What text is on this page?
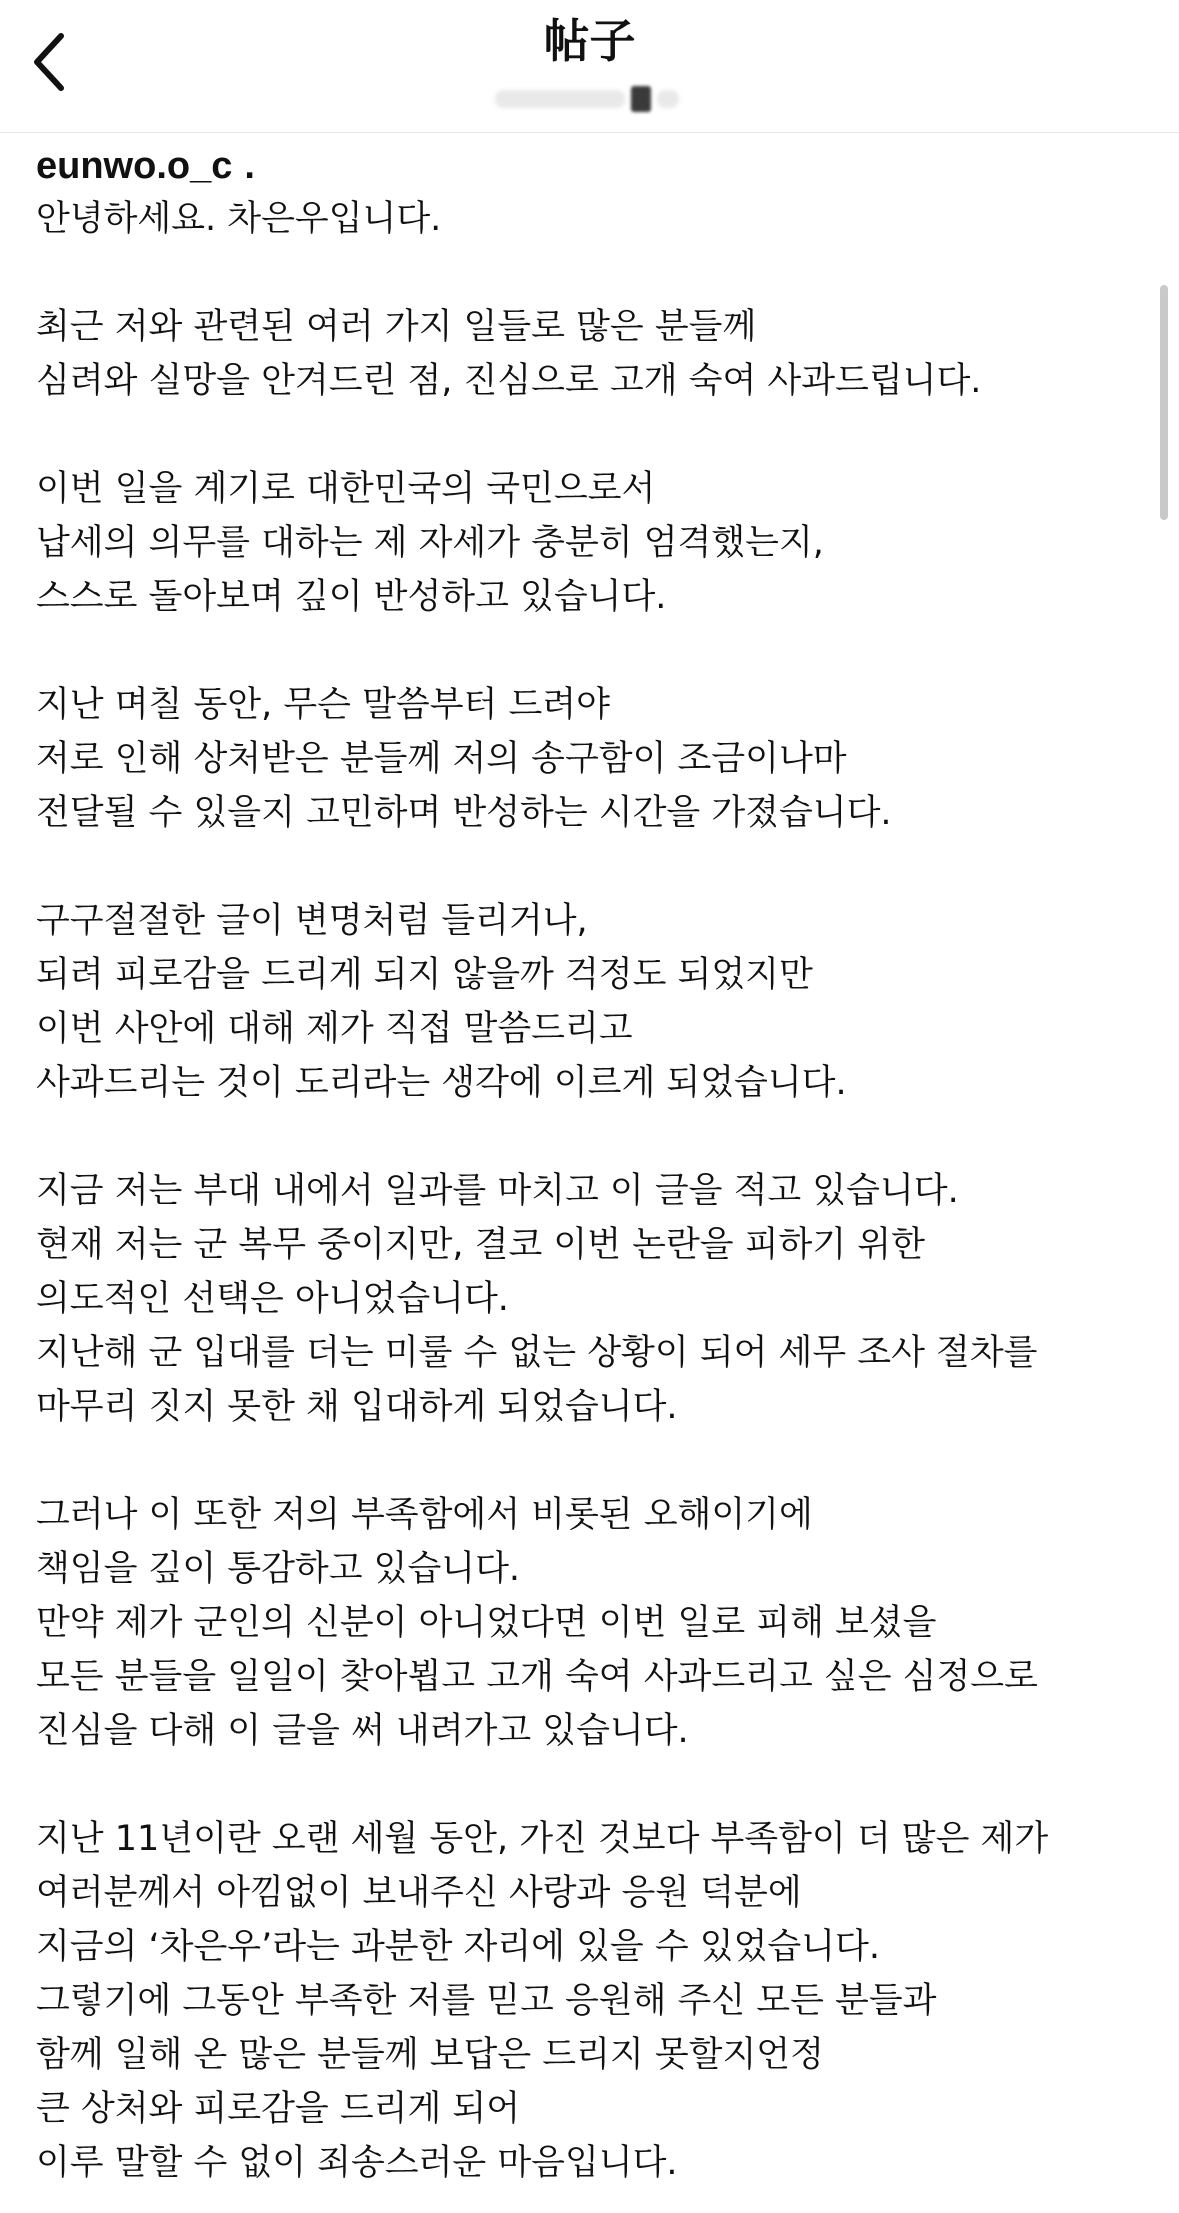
帖子
eunwo.o_c .
안녕하세요. 차은우입니다.
최근 저와 관련된 여러 가지 일들로 많은 분들께
심려와 실망을 안겨드린 점, 진심으로 고개 숙여 사과드립니다.
이번 일을 계기로 대한민국의 국민으로서
납세의 의무를 대하는 제 자세가 충분히 엄격했는지,
스스로 돌아보며 깊이 반성하고 있습니다.
지난 며칠 동안, 무슨 말씀부터 드려야
저로 인해 상처받은 분들께 저의 송구함이 조금이나마
전달될 수 있을지 고민하며 반성하는 시간을 가졌습니다.
구구절절한 글이 변명처럼 들리거나,
되려 피로감을 드리게 되지 않을까 걱정도 되었지만
이번 사안에 대해 제가 직접 말씀드리고
사과드리는 것이 도리라는 생각에 이르게 되었습니다.
지금 저는 부대 내에서 일과를 마치고 이 글을 적고 있습니다.
현재 저는 군 복무 중이지만, 결코 이번 논란을 피하기 위한
의도적인 선택은 아니었습니다.
지난해 군 입대를 더는 미룰 수 없는 상황이 되어 세무 조사 절차를
마무리 짓지 못한 채 입대하게 되었습니다.
그러나 이 또한 저의 부족함에서 비롯된 오해이기에
책임을 깊이 통감하고 있습니다.
만약 제가 군인의 신분이 아니었다면 이번 일로 피해 보셨을
모든 분들을 일일이 찾아뵙고 고개 숙여 사과드리고 싶은 심정으로
진심을 다해 이 글을 써 내려가고 있습니다.
지난 11년이란 오랜 세월 동안, 가진 것보다 부족함이 더 많은 제가
여러분께서 아낌없이 보내주신 사랑과 응원 덕분에
지금의 ‘차은우’라는 과분한 자리에 있을 수 있었습니다.
그렇기에 그동안 부족한 저를 믿고 응원해 주신 모든 분들과
함께 일해 온 많은 분들께 보답은 드리지 못할지언정
큰 상처와 피로감을 드리게 되어
이루 말할 수 없이 죄송스러운 마음입니다.
